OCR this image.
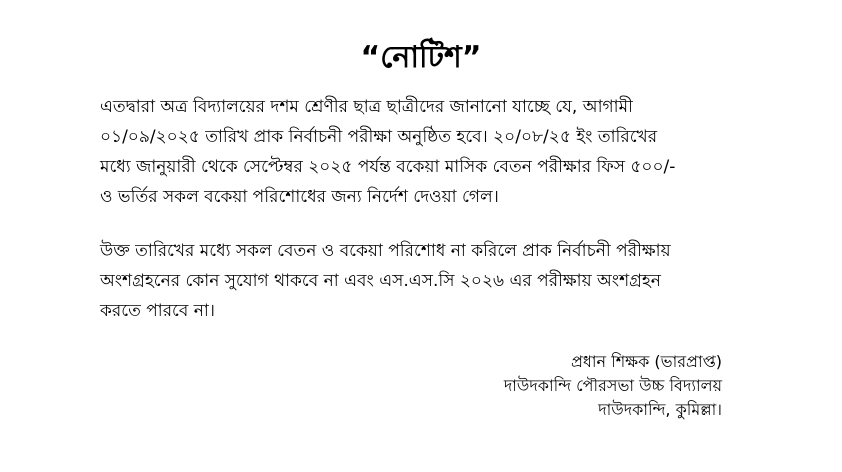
“নোটিশ”
এতদ্বারা অত্র বিদ্যালয়ের দশম শ্রেণীর ছাত্র ছাত্রীদের জানানো যাচ্ছে যে, আগামী
০১/০৯/২০২৫ তারিখ প্রাক নির্বাচনী পরীক্ষা অনুষ্ঠিত হবে। ২০/০৮/২৫ ইং তারিখের
মধ্যে জানুয়ারী থেকে সেপ্টেম্বর ২০২৫ পর্যন্ত বকেয়া মাসিক বেতন পরীক্ষার ফিস ৫০০/-
ও ভর্তির সকল বকেয়া পরিশোধের জন্য নির্দেশ দেওয়া গেল।
উক্ত তারিখের মধ্যে সকল বেতন ও বকেয়া পরিশোধ না করিলে প্রাক নির্বাচনী পরীক্ষায়
অংশগ্রহনের কোন সুযোগ থাকবে না এবং এস.এস.সি ২০২৬ এর পরীক্ষায় অংশগ্রহন
করতে পারবে না।
প্রধান শিক্ষক (ভারপ্রাপ্ত)
দাউদকান্দি পৌরসভা উচ্চ বিদ্যালয়
দাউদকান্দি, কুমিল্লা।
